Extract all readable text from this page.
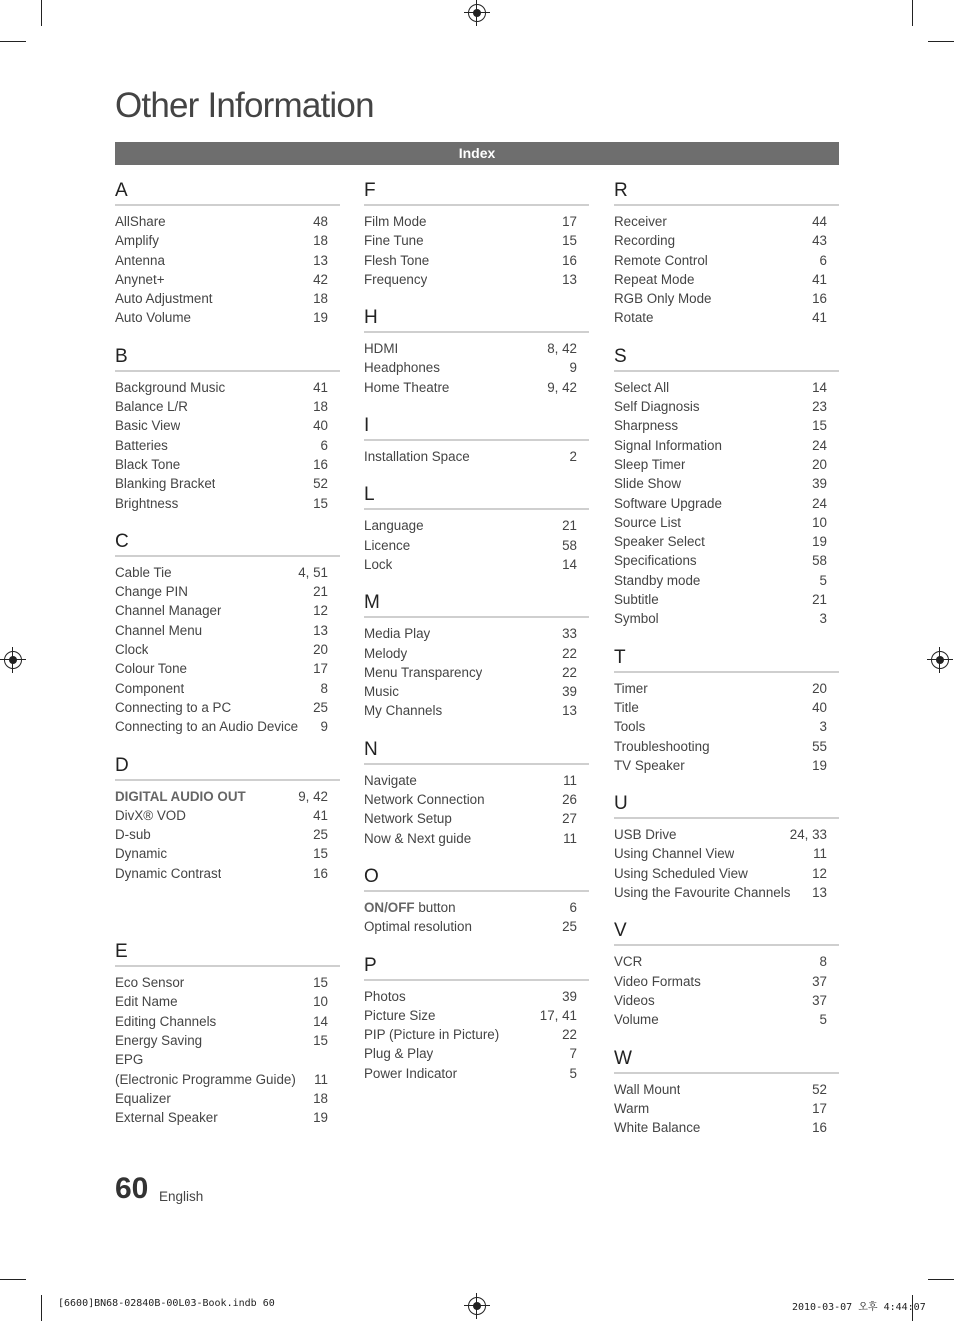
Other Information
Index
A
AllShare	48
Amplify	18
Antenna	13
Anynet+	42
Auto Adjustment	18
Auto Volume	19
B
Background Music	41
Balance L/R	18
Basic View	40
Batteries	6
Black Tone	16
Blanking Bracket	52
Brightness	15
C
Cable Tie	4, 51
Change PIN	21
Channel Manager	12
Channel Menu	13
Clock	20
Colour Tone	17
Component	8
Connecting to a PC	25
Connecting to an Audio Device	9
D
DIGITAL AUDIO OUT	9, 42
DivX® VOD	41
D-sub	25
Dynamic	15
Dynamic Contrast	16
E
Eco Sensor	15
Edit Name	10
Editing Channels	14
Energy Saving	15
EPG
(Electronic Programme Guide)	11
Equalizer	18
External Speaker	19
F
Film Mode	17
Fine Tune	15
Flesh Tone	16
Frequency	13
H
HDMI	8, 42
Headphones	9
Home Theatre	9, 42
I
Installation Space	2
L
Language	21
Licence	58
Lock	14
M
Media Play	33
Melody	22
Menu Transparency	22
Music	39
My Channels	13
N
Navigate	11
Network Connection	26
Network Setup	27
Now & Next guide	11
O
ON/OFF button	6
Optimal resolution	25
P
Photos	39
Picture Size	17, 41
PIP (Picture in Picture)	22
Plug & Play	7
Power Indicator	5
R
Receiver	44
Recording	43
Remote Control	6
Repeat Mode	41
RGB Only Mode	16
Rotate	41
S
Select All	14
Self Diagnosis	23
Sharpness	15
Signal Information	24
Sleep Timer	20
Slide Show	39
Software Upgrade	24
Source List	10
Speaker Select	19
Specifications	58
Standby mode	5
Subtitle	21
Symbol	3
T
Timer	20
Title	40
Tools	3
Troubleshooting	55
TV Speaker	19
U
USB Drive	24, 33
Using Channel View	11
Using Scheduled View	12
Using the Favourite Channels	13
V
VCR	8
Video Formats	37
Videos	37
Volume	5
W
Wall Mount	52
Warm	17
White Balance	16
60 English
[6600]BN68-02840B-00L03-Book.indb 60	2010-03-07 오후 4:44:07
